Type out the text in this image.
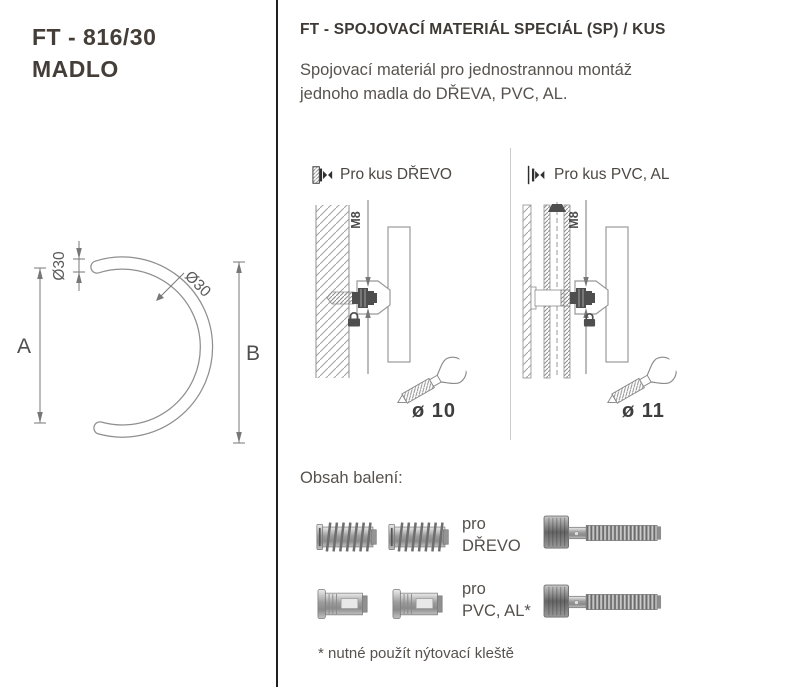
FT - 816/30
MADLO
Ø30
Ø30
A	B
FT - SPOJOVACÍ MATERIÁL SPECIÁL (SP) / KUS
Spojovací materiál pro jednostrannou montáž
jednoho madla do DŘEVA, PVC, AL.
Pro kus DŘEVO	Pro kus PVC, AL
M8
ø 10
M8
ø 11
Obsah balení:
pro
DŘEVO
pro
PVC, AL*
* nutné použít nýtovací kleště
